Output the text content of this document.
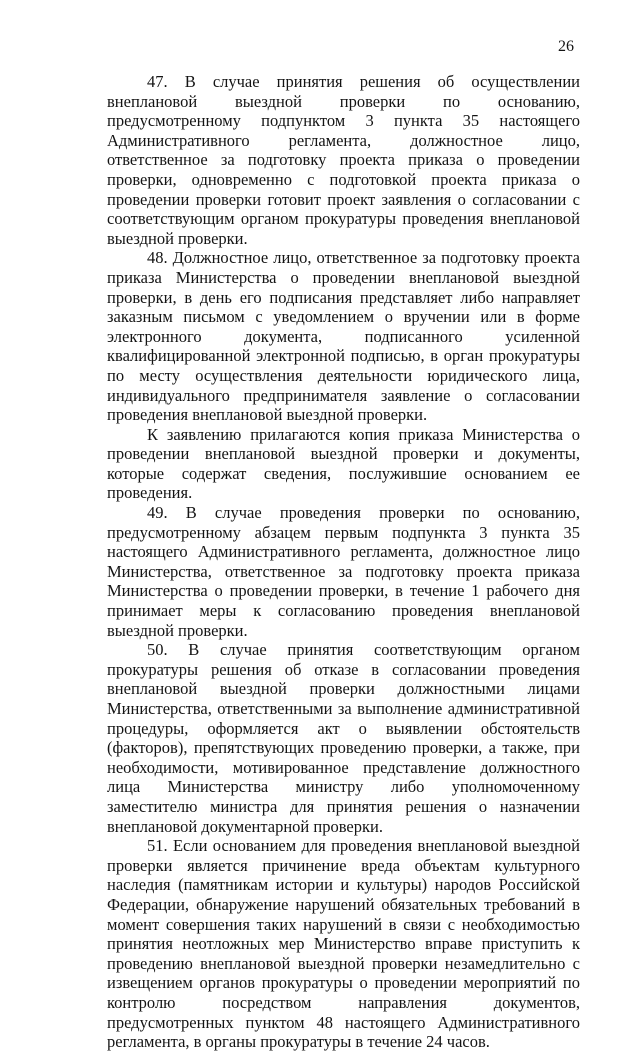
26

47. В случае принятия решения об осуществлении внеплановой выездной проверки по основанию, предусмотренному подпунктом 3 пункта 35 настоящего Административного регламента, должностное лицо, ответственное за подготовку проекта приказа о проведении проверки, одновременно с подготовкой проекта приказа о проведении проверки готовит проект заявления о согласовании с соответствующим органом прокуратуры проведения внеплановой выездной проверки.

48. Должностное лицо, ответственное за подготовку проекта приказа Министерства о проведении внеплановой выездной проверки, в день его подписания представляет либо направляет заказным письмом с уведомлением о вручении или в форме электронного документа, подписанного усиленной квалифицированной электронной подписью, в орган прокуратуры по месту осуществления деятельности юридического лица, индивидуального предпринимателя заявление о согласовании проведения внеплановой выездной проверки.

К заявлению прилагаются копия приказа Министерства о проведении внеплановой выездной проверки и документы, которые содержат сведения, послужившие основанием ее проведения.

49. В случае проведения проверки по основанию, предусмотренному абзацем первым подпункта 3 пункта 35 настоящего Административного регламента, должностное лицо Министерства, ответственное за подготовку проекта приказа Министерства о проведении проверки, в течение 1 рабочего дня принимает меры к согласованию проведения внеплановой выездной проверки.

50. В случае принятия соответствующим органом прокуратуры решения об отказе в согласовании проведения внеплановой выездной проверки должностными лицами Министерства, ответственными за выполнение административной процедуры, оформляется акт о выявлении обстоятельств (факторов), препятствующих проведению проверки, а также, при необходимости, мотивированное представление должностного лица Министерства министру либо уполномоченному заместителю министра для принятия решения о назначении внеплановой документарной проверки.

51. Если основанием для проведения внеплановой выездной проверки является причинение вреда объектам культурного наследия (памятникам истории и культуры) народов Российской Федерации, обнаружение нарушений обязательных требований в момент совершения таких нарушений в связи с необходимостью принятия неотложных мер Министерство вправе приступить к проведению внеплановой выездной проверки незамедлительно с извещением органов прокуратуры о проведении мероприятий по контролю посредством направления документов, предусмотренных пунктом 48 настоящего Административного регламента, в органы прокуратуры в течение 24 часов.
